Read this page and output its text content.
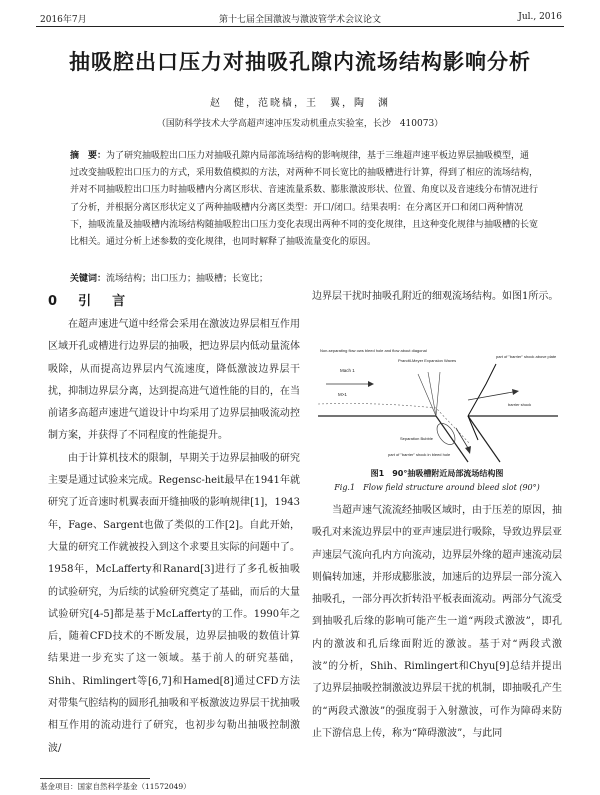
2016年7月	第十七届全国激波与激波管学术会议论文	Jul., 2016
抽吸腔出口压力对抽吸孔隙内流场结构影响分析
赵　健，范晓樯，王　翼，陶　渊
（国防科学技术大学高超声速冲压发动机重点实验室，长沙　410073）

摘　要：为了研究抽吸腔出口压力对抽吸孔隙内局部流场结构的影响规律，基于三维超声速平板边界层抽吸模型，通过改变抽吸腔出口压力的方式，采用数值模拟的方法，对两种不同长宽比的抽吸槽进行计算，得到了相应的流场结构，并对不同抽吸腔出口压力时抽吸槽内分离区形状、音速流量系数、膨胀激波形状、位置、角度以及音速线分布情况进行了分析，并根据分离区形状定义了两种抽吸槽内分离区类型：开口/闭口。结果表明：在分离区开口和闭口两种情况下，抽吸流量及抽吸槽内流场结构随抽吸腔出口压力变化表现出两种不同的变化规律，且这种变化规律与抽吸槽的长宽比相关。通过分析上述参数的变化规律，也同时解释了抽吸流量变化的原因。

关键词：流场结构；出口压力；抽吸槽；长宽比；
0 引　言

在超声速进气道中经常会采用在激波边界层相互作用区域开孔或槽进行边界层的抽吸，把边界层内低动量流体吸除，从而提高边界层内气流速度，降低激波边界层干扰，抑制边界层分离，达到提高进气道性能的目的，在当前诸多高超声速进气道设计中均采用了边界层抽吸流动控制方案，并获得了不同程度的性能提升。

由于计算机技术的限制，早期关于边界层抽吸的研究主要是通过试验来完成。Regensc-heit最早在1941年就研究了近音速时机翼表面开缝抽吸的影响规律[1]，1943年，Fage、Sargent也做了类似的工作[2]。自此开始，大量的研究工作就被投入到这个求要且实际的问题中了。1958年，McLafferty和Ranard[3]进行了多孔板抽吸的试验研究，为后续的试验研究奠定了基础，而后的大量试验研究[4-5]都是基于McLafferty的工作。1990年之后，随着CFD技术的不断发展，边界层抽吸的数值计算结果进一步充实了这一领域。基于前人的研究基础，Shih、Rimlingert等[6,7]和Hamed[8]通过CFD方法对带集气腔结构的圆形孔抽吸和平板激波边界层干扰抽吸相互作用的流动进行了研究，也初步勾勒出抽吸控制激波/

边界层干扰时抽吸孔附近的细观流场结构。如图1所示。

Non-separating flow ows bleed hole and flow about diagonal
Mach 1
Prandtl-Meyer Expansion Waves
part of "barrier" shock above plate
barrier shock
part of "barrier" shock in bleed hole
Separation Bubble
M>1
图1　90°抽吸槽附近局部流场结构图
Fig.1　Flow field structure around bleed slot (90°)

当超声速气流流经抽吸区域时，由于压差的原因，抽吸孔对来流边界层中的亚声速层进行吸除，导致边界层亚声速层气流向孔内方向流动，边界层外缘的超声速流动层则偏转加速，并形成膨胀波，加速后的边界层一部分流入抽吸孔，一部分再次折转沿平板表面流动。两部分气流受到抽吸孔后缘的影响可能产生一道“两段式激波”，即孔内的激波和孔后缘面附近的激波。基于对“两段式激波”的分析，Shih、Rimlingert和Chyu[9]总结并提出了边界层抽吸控制激波边界层干扰的机制，即抽吸孔产生的“两段式激波”的强度弱于入射激波，可作为障碍来防止下游信息上传，称为“障碍激波”，与此同

基金项目：国家自然科学基金（11572049）
